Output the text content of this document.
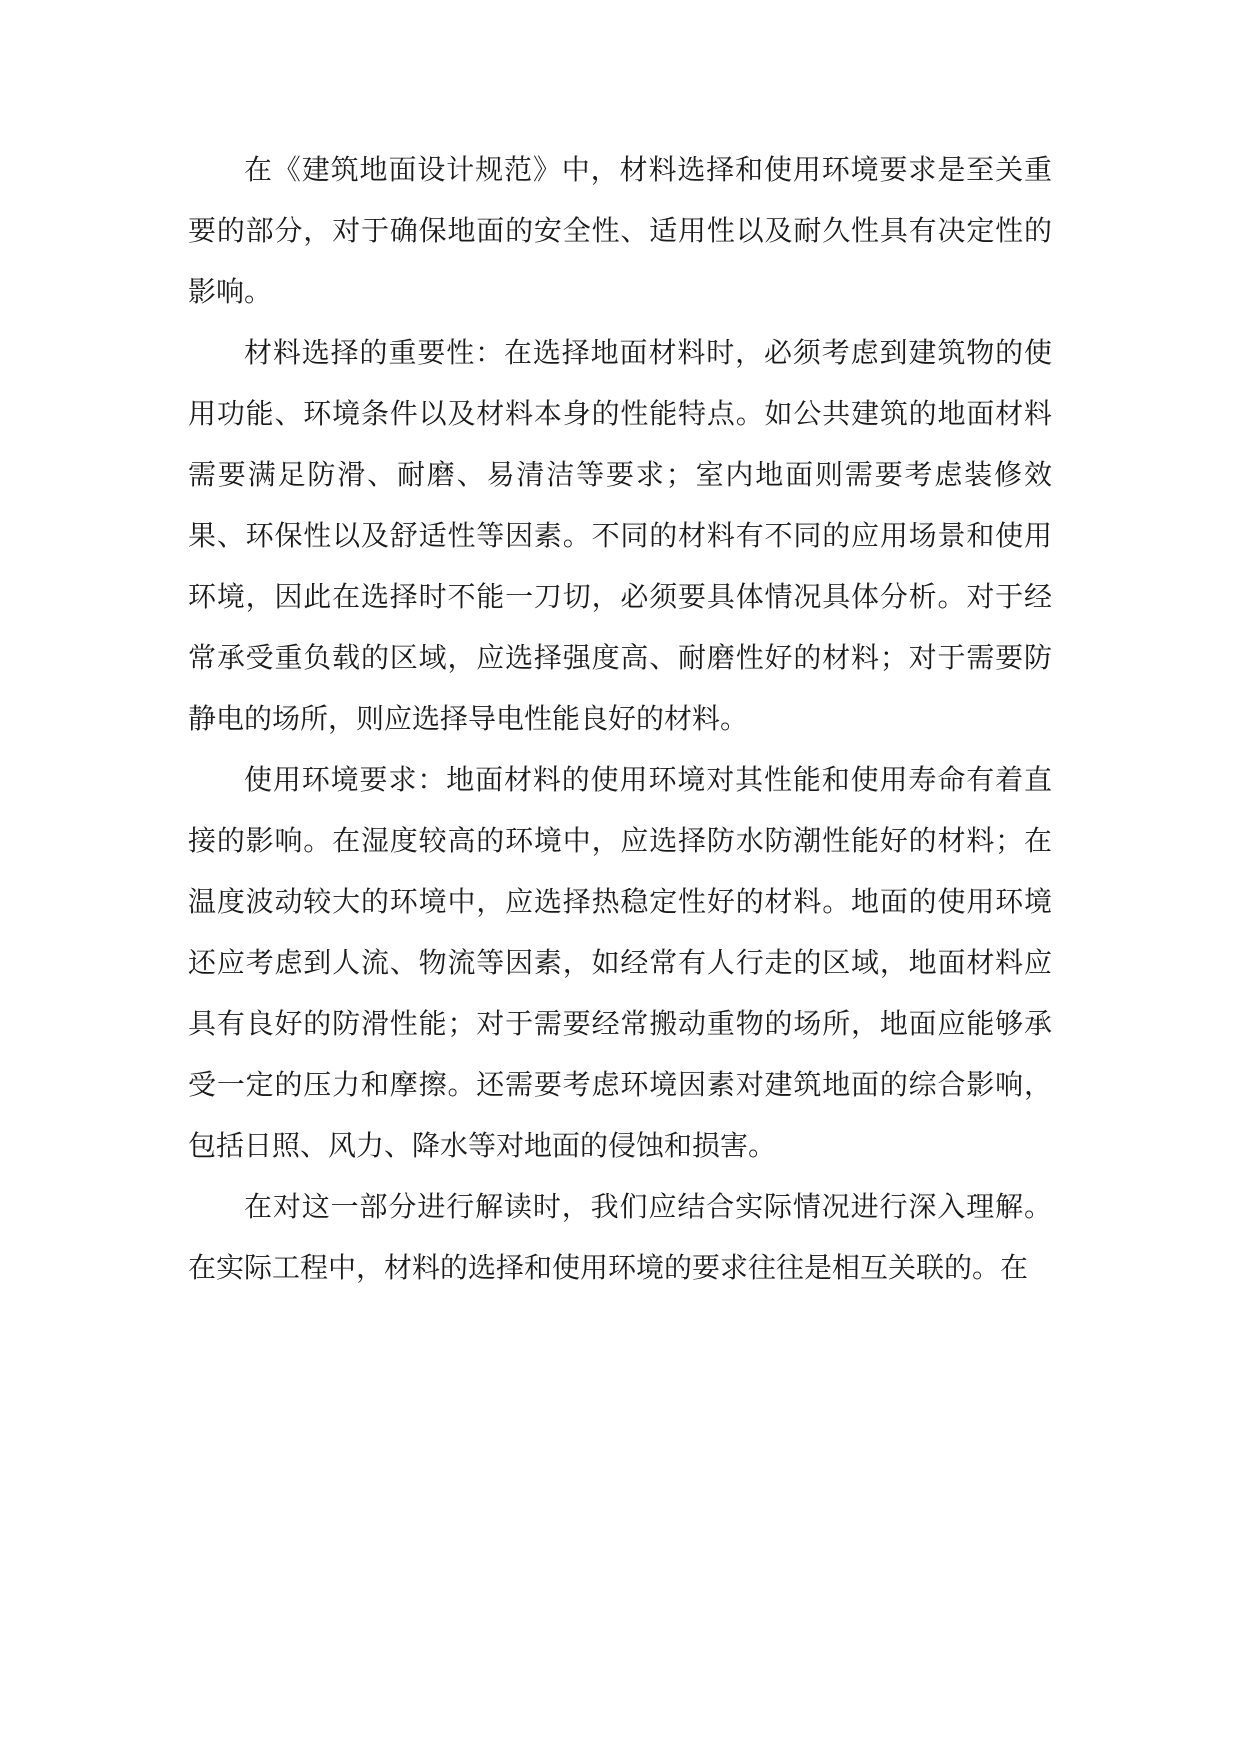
在《建筑地面设计规范》中，材料选择和使用环境要求是至关重要的部分，对于确保地面的安全性、适用性以及耐久性具有决定性的影响。

材料选择的重要性：在选择地面材料时，必须考虑到建筑物的使用功能、环境条件以及材料本身的性能特点。如公共建筑的地面材料需要满足防滑、耐磨、易清洁等要求；室内地面则需要考虑装修效果、环保性以及舒适性等因素。不同的材料有不同的应用场景和使用环境，因此在选择时不能一刀切，必须要具体情况具体分析。对于经常承受重负载的区域，应选择强度高、耐磨性好的材料；对于需要防静电的场所，则应选择导电性能良好的材料。

使用环境要求：地面材料的使用环境对其性能和使用寿命有着直接的影响。在湿度较高的环境中，应选择防水防潮性能好的材料；在温度波动较大的环境中，应选择热稳定性好的材料。地面的使用环境还应考虑到人流、物流等因素，如经常有人行走的区域，地面材料应具有良好的防滑性能；对于需要经常搬动重物的场所，地面应能够承受一定的压力和摩擦。还需要考虑环境因素对建筑地面的综合影响，包括日照、风力、降水等对地面的侵蚀和损害。

在对这一部分进行解读时，我们应结合实际情况进行深入理解。在实际工程中，材料的选择和使用环境的要求往往是相互关联的。在
